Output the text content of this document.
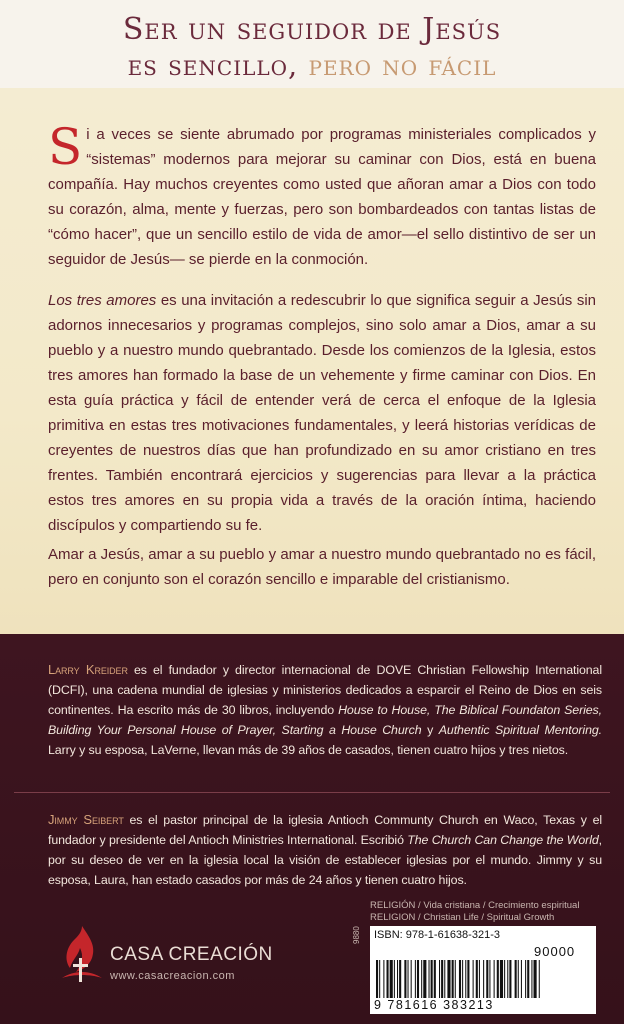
Ser un seguidor de Jesús
es sencillo, pero no fácil
Si a veces se siente abrumado por programas ministeriales complicados y “sistemas” modernos para mejorar su caminar con Dios, está en buena compañía. Hay muchos creyentes como usted que añoran amar a Dios con todo su corazón, alma, mente y fuerzas, pero son bombardeados con tantas listas de “cómo hacer”, que un sencillo estilo de vida de amor—el sello distintivo de ser un seguidor de Jesús— se pierde en la conmoción.
Los tres amores es una invitación a redescubrir lo que significa seguir a Jesús sin adornos innecesarios y programas complejos, sino solo amar a Dios, amar a su pueblo y a nuestro mundo quebrantado. Desde los comienzos de la Iglesia, estos tres amores han formado la base de un vehemente y firme caminar con Dios. En esta guía práctica y fácil de entender verá de cerca el enfoque de la Iglesia primitiva en estas tres motivaciones fundamentales, y leerá historias verídicas de creyentes de nuestros días que han profundizado en su amor cristiano en tres frentes. También encontrará ejercicios y sugerencias para llevar a la práctica estos tres amores en su propia vida a través de la oración íntima, haciendo discípulos y compartiendo su fe.
Amar a Jesús, amar a su pueblo y amar a nuestro mundo quebrantado no es fácil, pero en conjunto son el corazón sencillo e imparable del cristianismo.
Larry Kreider es el fundador y director internacional de DOVE Christian Fellowship International (DCFI), una cadena mundial de iglesias y ministerios dedicados a esparcir el Reino de Dios en seis continentes. Ha escrito más de 30 libros, incluyendo House to House, The Biblical Foundaton Series, Building Your Personal House of Prayer, Starting a House Church y Authentic Spiritual Mentoring. Larry y su esposa, LaVerne, llevan más de 39 años de casados, tienen cuatro hijos y tres nietos.
Jimmy Seibert es el pastor principal de la iglesia Antioch Communty Church en Waco, Texas y el fundador y presidente del Antioch Ministries International. Escribió The Church Can Change the World, por su deseo de ver en la iglesia local la visión de establecer iglesias por el mundo. Jimmy y su esposa, Laura, han estado casados por más de 24 años y tienen cuatro hijos.
RELIGIÓN / Vida cristiana / Crecimiento espiritual
RELIGION / Christian Life / Spiritual Growth
CASA CREACIÓN
www.casacreacion.com
9880 ISBN: 978-1-61638-321-3
90000
9 781616 383213
